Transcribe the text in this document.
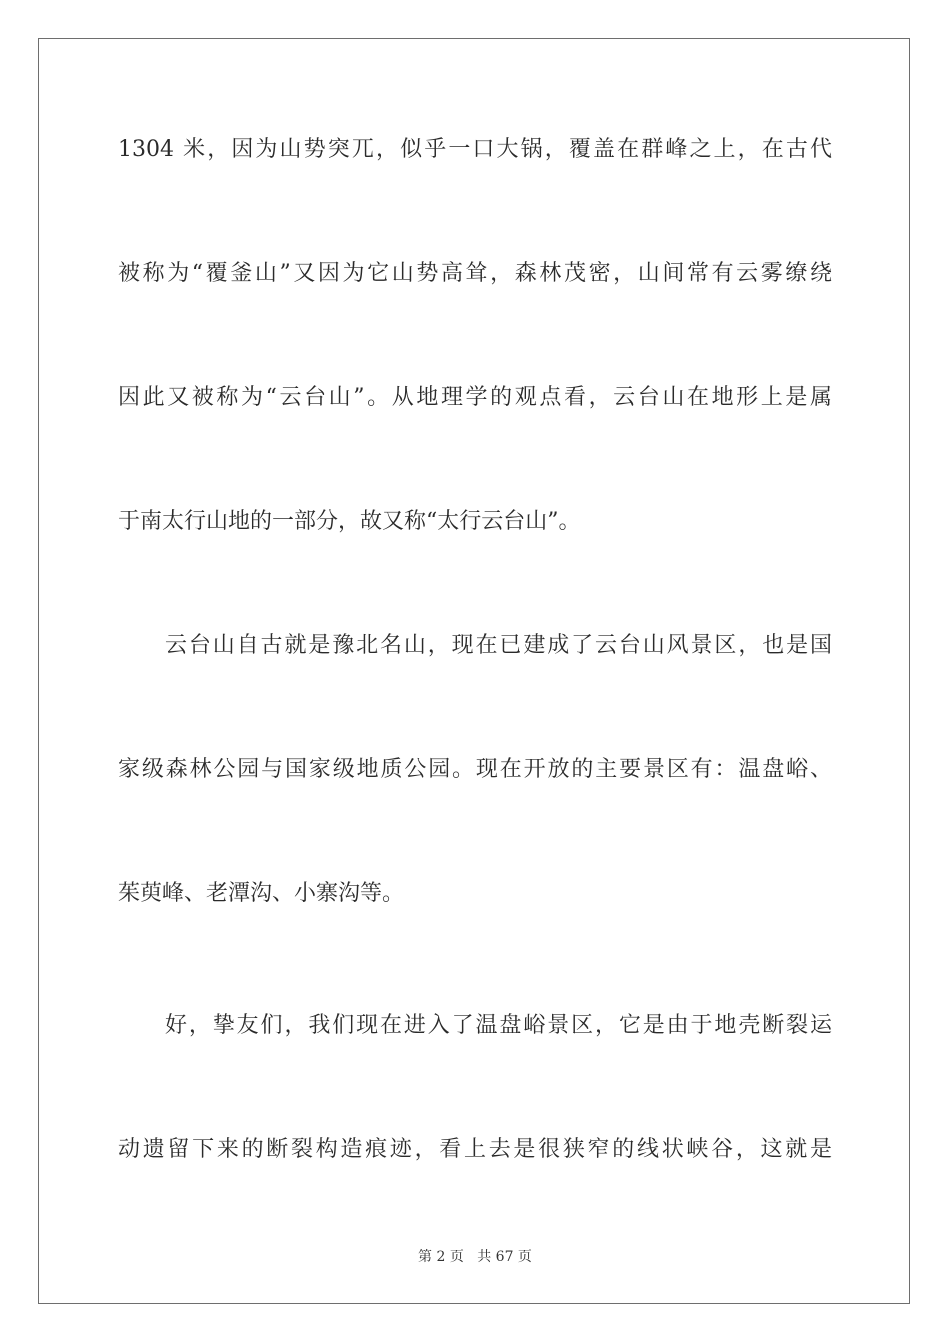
1304 米，因为山势突兀，似乎一口大锅，覆盖在群峰之上，在古代
被称为“覆釜山”又因为它山势高耸，森林茂密，山间常有云雾缭绕
因此又被称为“云台山”。从地理学的观点看，云台山在地形上是属
于南太行山地的一部分，故又称“太行云台山”。
云台山自古就是豫北名山，现在已建成了云台山风景区，也是国
家级森林公园与国家级地质公园。现在开放的主要景区有：温盘峪、
茱萸峰、老潭沟、小寨沟等。
好，挚友们，我们现在进入了温盘峪景区，它是由于地壳断裂运
动遗留下来的断裂构造痕迹，看上去是很狭窄的线状峡谷，这就是
第 2 页 共 67 页
